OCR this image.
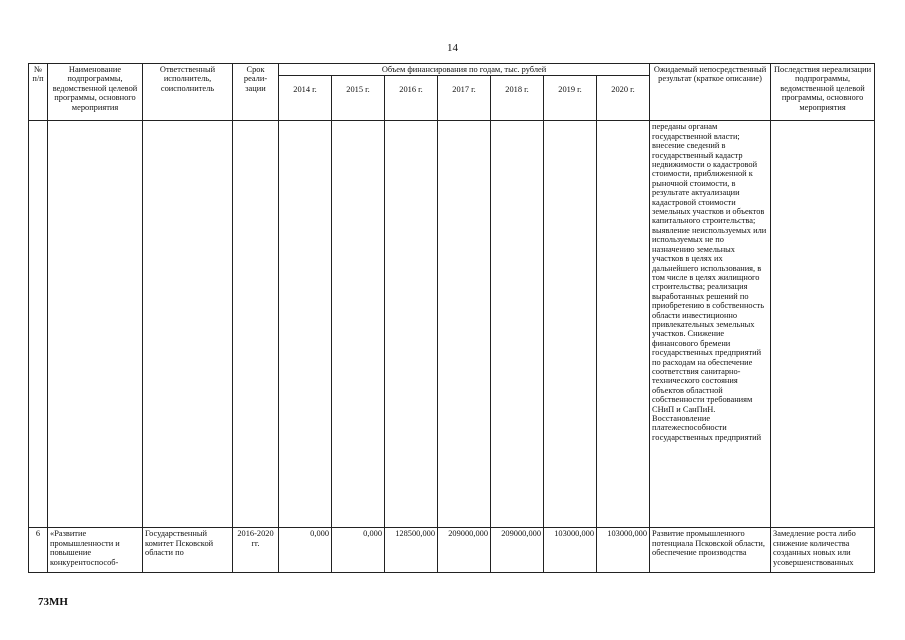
14
№ п/п	Наименование подпрограммы, ведомственной целевой программы, основного мероприятия	Ответственный исполнитель, соисполнитель	Срок реали-зации	Объем финансирования по годам, тыс. рублей							Ожидаемый непосредственный результат (краткое описание)	Последствия нереализации подпрограммы, ведомственной целевой программы, основного мероприятия
				2014 г.	2015 г.	2016 г.	2017 г.	2018 г.	2019 г.	2020 г.		
											переданы органам государственной власти; внесение сведений в государственный кадастр недвижимости о кадастровой стоимости, приближенной к рыночной стоимости, в результате актуализации кадастровой стоимости земельных участков и объектов капитального строительства; выявление неиспользуемых или используемых не по назначению земельных участков в целях их дальнейшего использования, в том числе в целях жилищного строительства; реализация выработанных решений по приобретению в собственность области инвестиционно привлекательных земельных участков. Снижение финансового бремени государственных предприятий по расходам на обеспечение соответствия санитарно-технического состояния объектов областной собственности требованиям СНиП и СанПиН. Восстановление платежеспособности государственных предприятий	
6	«Развитие промышленности и повышение конкурентоспособ-	Государственный комитет Псковской области по	2016-2020 гг.	0,000	0,000	128500,000	209000,000	209000,000	103000,000	103000,000	Развитие промышленного потенциала Псковской области, обеспечение производства	Замедление роста либо снижение количества созданных новых или усовершенствованных
73МН
